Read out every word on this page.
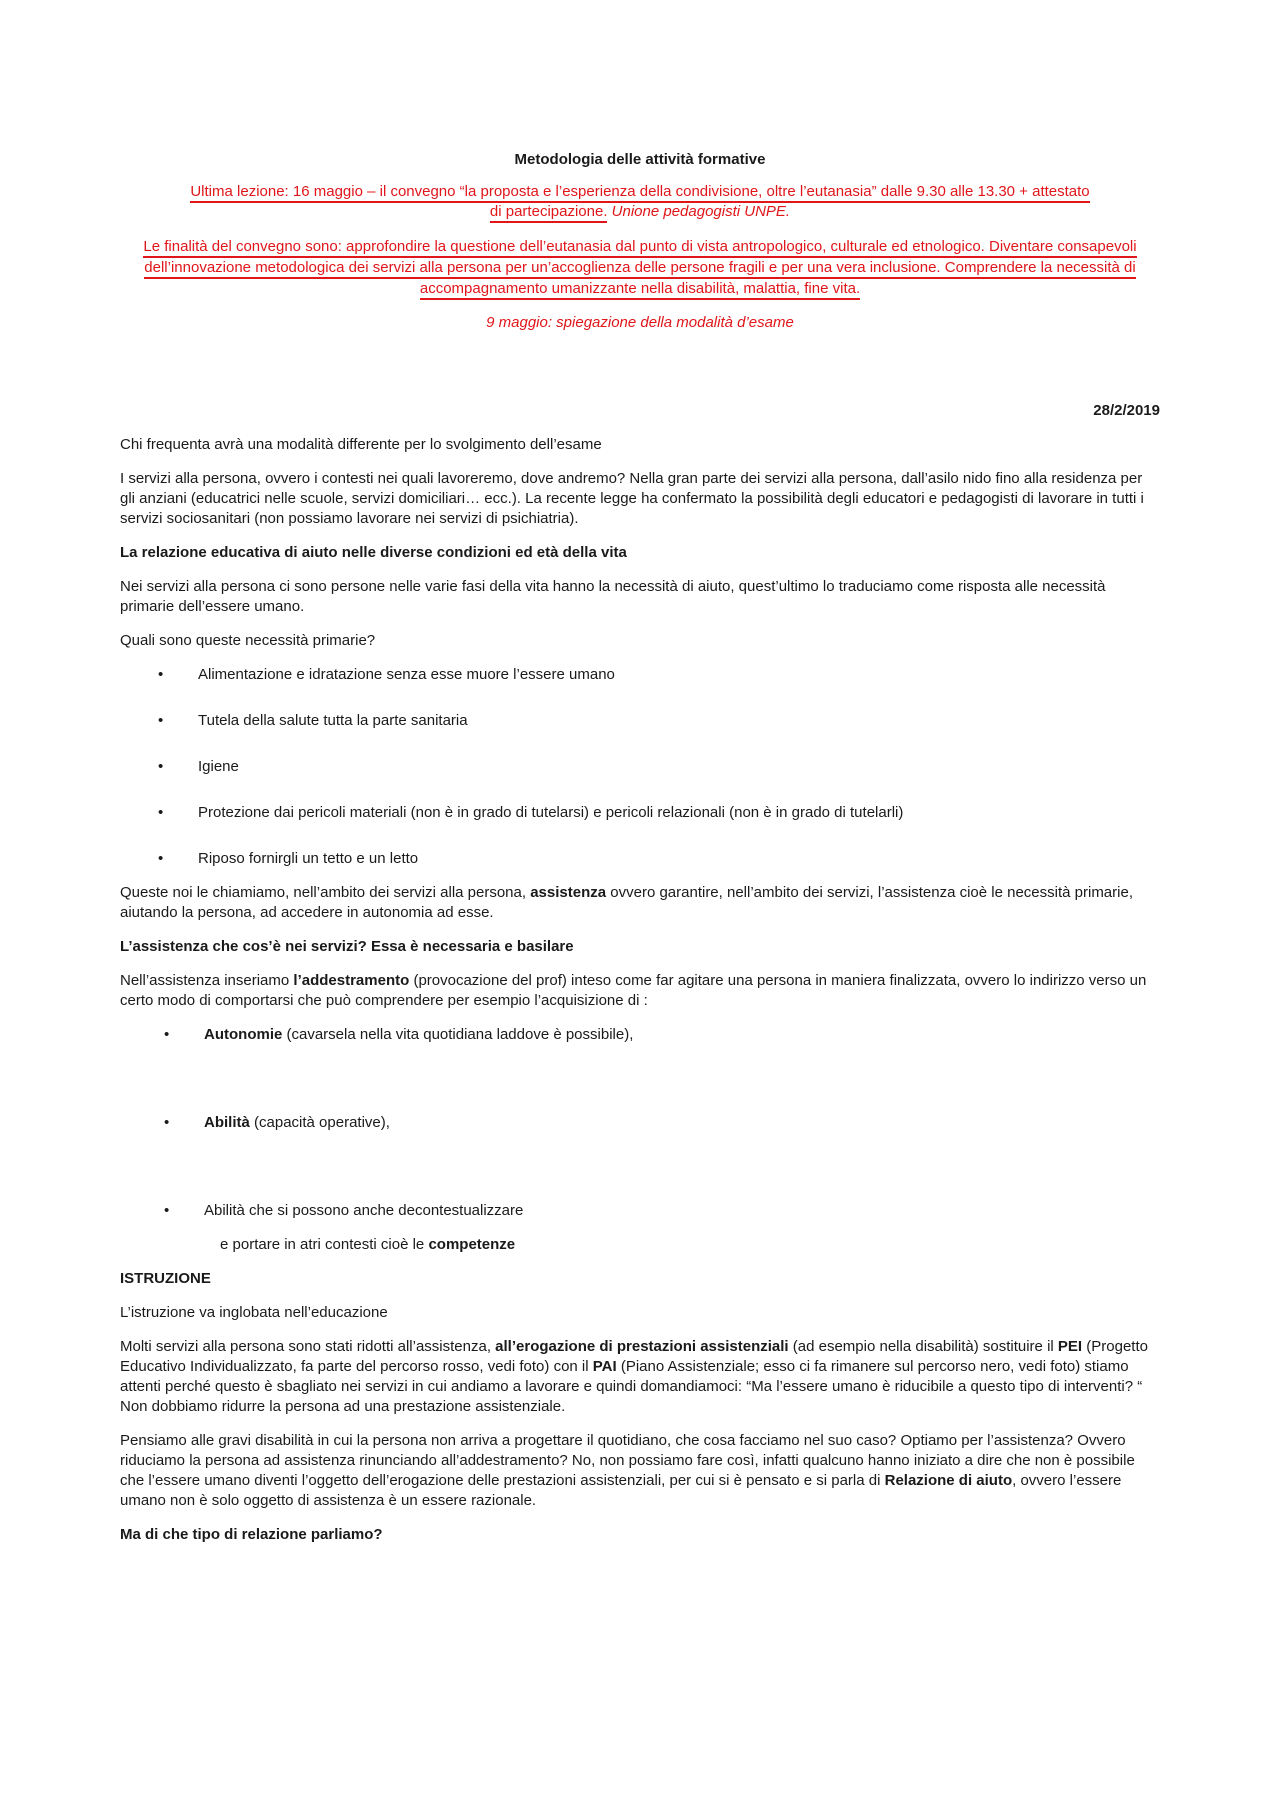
Metodologia delle attività formative

Ultima lezione: 16 maggio – il convegno “la proposta e l’esperienza della condivisione, oltre l’eutanasia” dalle 9.30 alle 13.30 + attestato
di partecipazione. Unione pedagogisti UNPE.

Le finalità del convegno sono: approfondire la questione dell’eutanasia dal punto di vista antropologico, culturale ed etnologico. Diventare consapevoli dell’innovazione metodologica dei servizi alla persona per un’accoglienza delle persone fragili e per una vera inclusione. Comprendere la necessità di accompagnamento umanizzante nella disabilità, malattia, fine vita.

9 maggio: spiegazione della modalità d’esame

28/2/2019

Chi frequenta avrà una modalità differente per lo svolgimento dell’esame

I servizi alla persona, ovvero i contesti nei quali lavoreremo, dove andremo? Nella gran parte dei servizi alla persona, dall’asilo nido fino alla residenza per gli anziani (educatrici nelle scuole, servizi domiciliari… ecc.). La recente legge ha confermato la possibilità degli educatori e pedagogisti di lavorare in tutti i servizi sociosanitari (non possiamo lavorare nei servizi di psichiatria).

La relazione educativa di aiuto nelle diverse condizioni ed età della vita

Nei servizi alla persona ci sono persone nelle varie fasi della vita hanno la necessità di aiuto, quest’ultimo lo traduciamo come risposta alle necessità primarie dell’essere umano.

Quali sono queste necessità primarie?

• Alimentazione e idratazione senza esse muore l’essere umano
• Tutela della salute tutta la parte sanitaria
• Igiene
• Protezione dai pericoli materiali (non è in grado di tutelarsi) e pericoli relazionali (non è in grado di tutelarli)
• Riposo fornirgli un tetto e un letto

Queste noi le chiamiamo, nell’ambito dei servizi alla persona, assistenza ovvero garantire, nell’ambito dei servizi, l’assistenza cioè le necessità primarie, aiutando la persona, ad accedere in autonomia ad esse.

L’assistenza che cos’è nei servizi? Essa è necessaria e basilare

Nell’assistenza inseriamo l’addestramento (provocazione del prof) inteso come far agitare una persona in maniera finalizzata, ovvero lo indirizzo verso un certo modo di comportarsi che può comprendere per esempio l’acquisizione di :

• Autonomie (cavarsela nella vita quotidiana laddove è possibile),
• Abilità (capacità operative),
• Abilità che si possono anche decontestualizzare

e portare in atri contesti cioè le competenze

ISTRUZIONE

L’istruzione va inglobata nell’educazione

Molti servizi alla persona sono stati ridotti all’assistenza, all’erogazione di prestazioni assistenziali (ad esempio nella disabilità) sostituire il PEI (Progetto Educativo Individualizzato, fa parte del percorso rosso, vedi foto) con il PAI (Piano Assistenziale; esso ci fa rimanere sul percorso nero, vedi foto) stiamo attenti perché questo è sbagliato nei servizi in cui andiamo a lavorare e quindi domandiamoci: “Ma l’essere umano è riducibile a questo tipo di interventi? “ Non dobbiamo ridurre la persona ad una prestazione assistenziale.

Pensiamo alle gravi disabilità in cui la persona non arriva a progettare il quotidiano, che cosa facciamo nel suo caso? Optiamo per l’assistenza? Ovvero riduciamo la persona ad assistenza rinunciando all’addestramento? No, non possiamo fare così, infatti qualcuno hanno iniziato a dire che non è possibile che l’essere umano diventi l’oggetto dell’erogazione delle prestazioni assistenziali, per cui si è pensato e si parla di Relazione di aiuto, ovvero l’essere umano non è solo oggetto di assistenza è un essere razionale.

Ma di che tipo di relazione parliamo?
